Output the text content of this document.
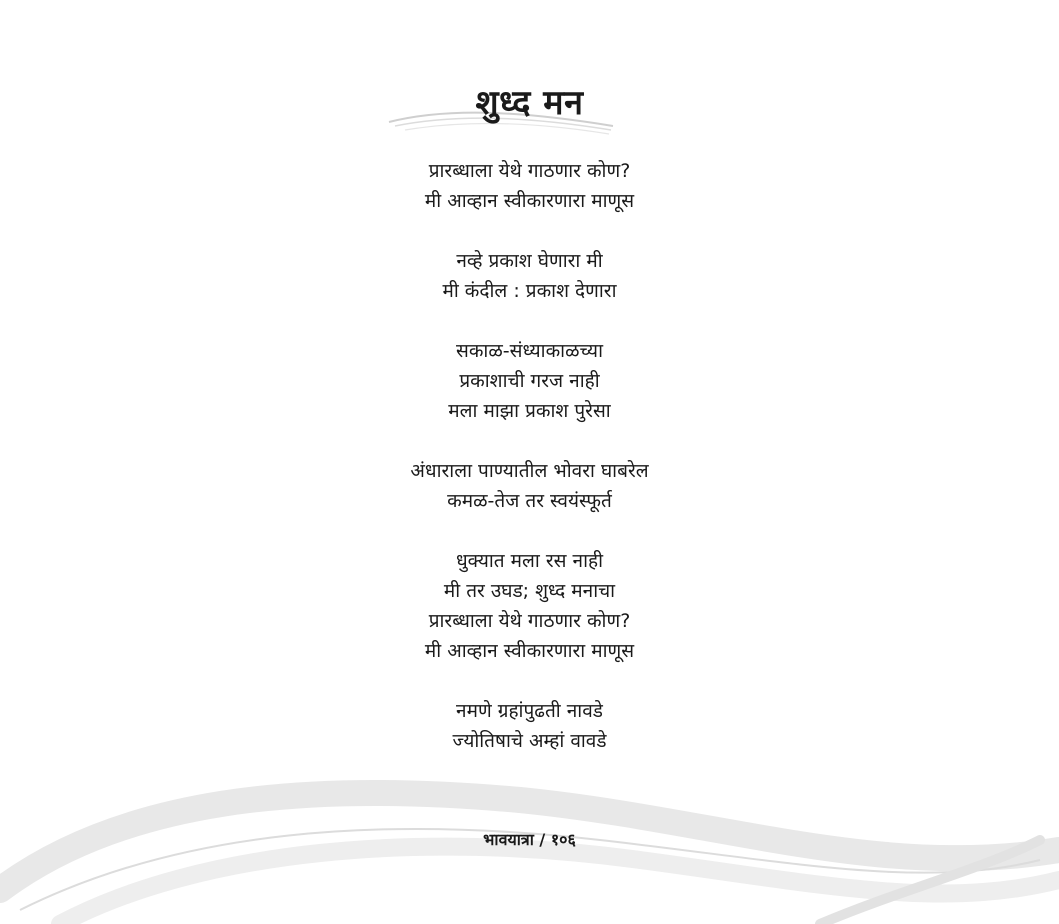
शुध्द मन
प्रारब्धाला येथे गाठणार कोण?
मी आव्हान स्वीकारणारा माणूस
नव्हे प्रकाश घेणारा मी
मी कंदील : प्रकाश देणारा
सकाळ-संध्याकाळच्या
प्रकाशाची गरज नाही
मला माझा प्रकाश पुरेसा
अंधाराला पाण्यातील भोवरा घाबरेल
कमळ-तेज तर स्वयंस्फूर्त
धुक्यात मला रस नाही
मी तर उघड; शुध्द मनाचा
प्रारब्धाला येथे गाठणार कोण?
मी आव्हान स्वीकारणारा माणूस
नमणे ग्रहांपुढती नावडे
ज्योतिषाचे अम्हां वावडे
भावयात्रा / १०६
